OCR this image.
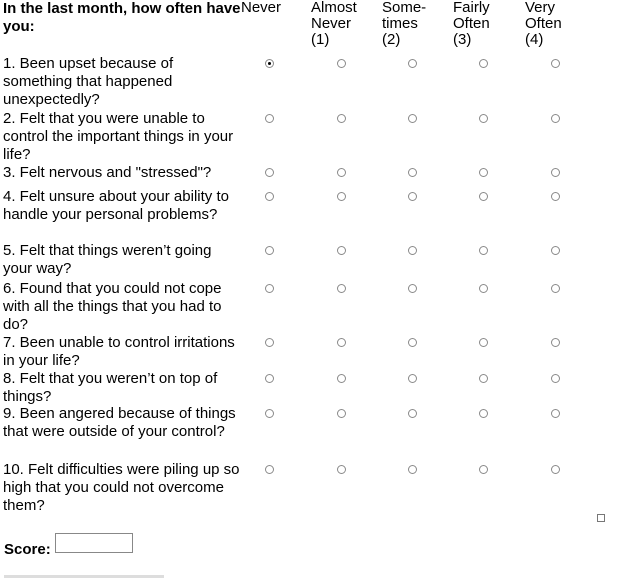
In the last month, how often have you:
Never Almost
Never
(1)
Some-
times
(2)
Fairly
Often
(3)
Very
Often
(4)
1. Been upset because of something that happened unexpectedly?
2. Felt that you were unable to control the important things in your life?
3. Felt nervous and "stressed"?
4. Felt unsure about your ability to handle your personal problems?
5. Felt that things weren’t going your way?
6. Found that you could not cope with all the things that you had to do?
7. Been unable to control irritations in your life?
8. Felt that you weren’t on top of things?
9. Been angered because of things that were outside of your control?
10. Felt difficulties were piling up so high that you could not overcome them?
Score:
